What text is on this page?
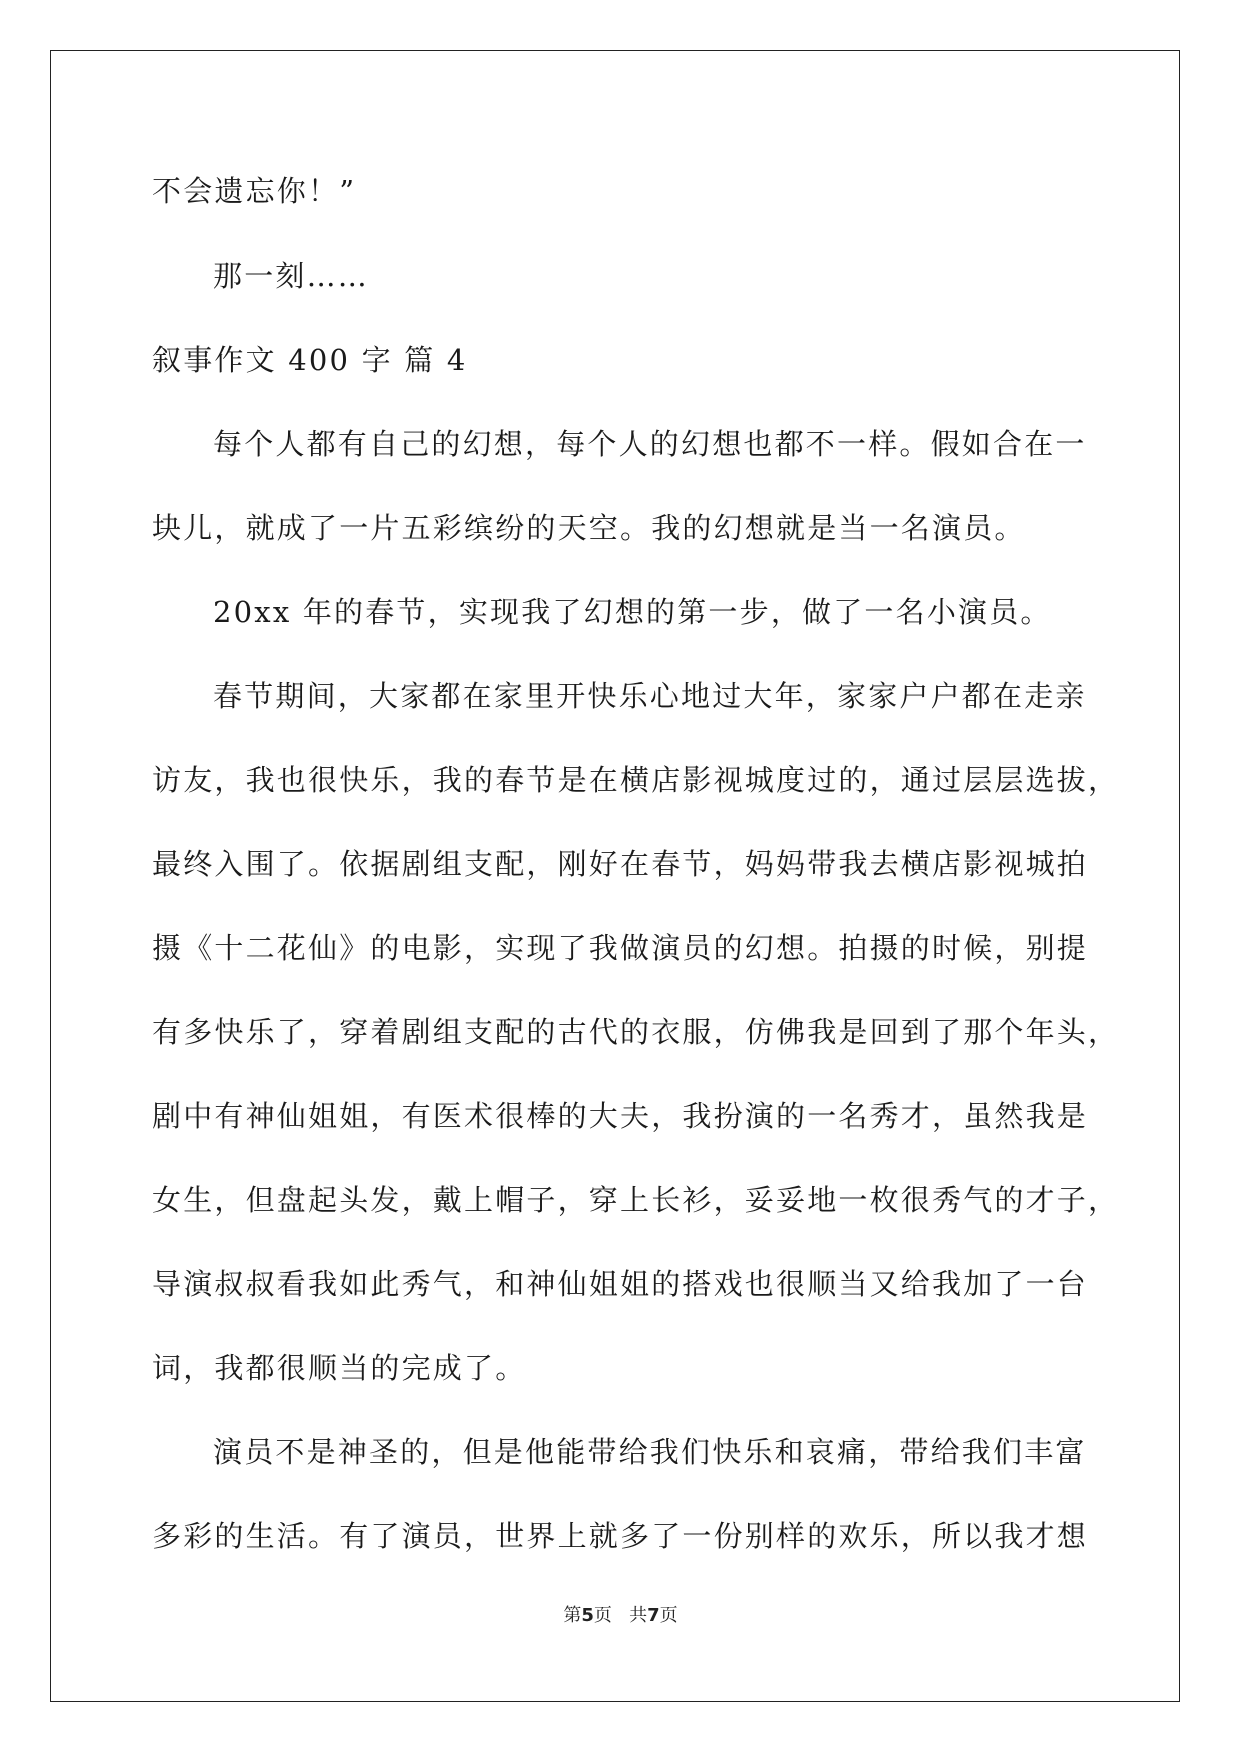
不会遗忘你！”

那一刻……

叙事作文 400 字 篇 4

每个人都有自己的幻想，每个人的幻想也都不一样。假如合在一

块儿，就成了一片五彩缤纷的天空。我的幻想就是当一名演员。

20xx 年的春节，实现我了幻想的第一步，做了一名小演员。

春节期间，大家都在家里开快乐心地过大年，家家户户都在走亲

访友，我也很快乐，我的春节是在横店影视城度过的，通过层层选拔，

最终入围了。依据剧组支配，刚好在春节，妈妈带我去横店影视城拍

摄《十二花仙》的电影，实现了我做演员的幻想。拍摄的时候，别提

有多快乐了，穿着剧组支配的古代的衣服，仿佛我是回到了那个年头，

剧中有神仙姐姐，有医术很棒的大夫，我扮演的一名秀才，虽然我是

女生，但盘起头发，戴上帽子，穿上长衫，妥妥地一枚很秀气的才子，

导演叔叔看我如此秀气，和神仙姐姐的搭戏也很顺当又给我加了一台

词，我都很顺当的完成了。

演员不是神圣的，但是他能带给我们快乐和哀痛，带给我们丰富

多彩的生活。有了演员，世界上就多了一份别样的欢乐，所以我才想

第5页 共7页
